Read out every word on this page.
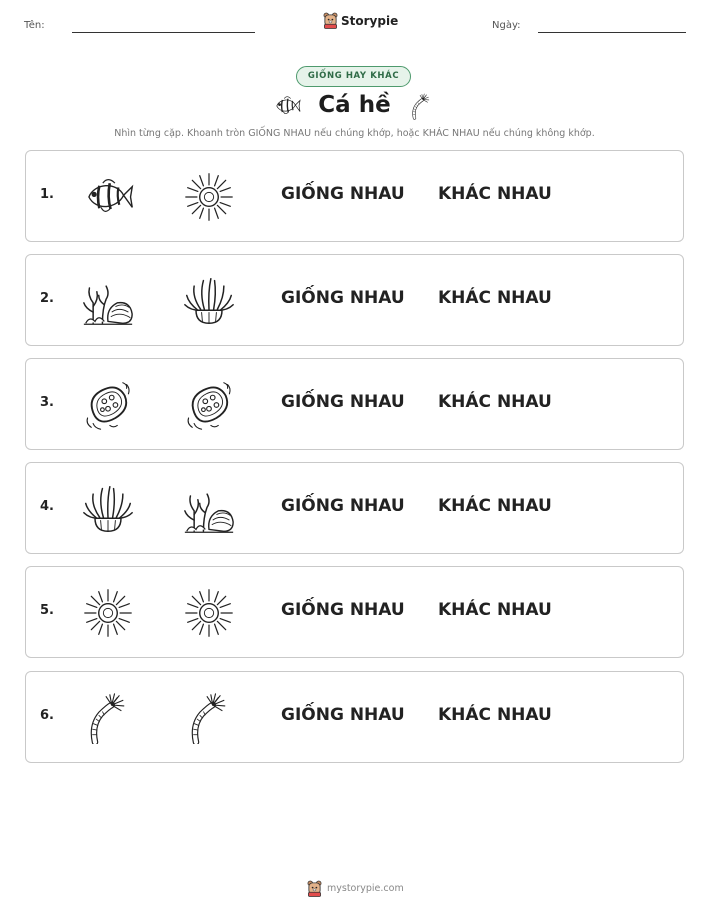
Tên:	Storypie	Ngày:
GIỐNG HAY KHÁC
Cá hề
Nhìn từng cặp. Khoanh tròn GIỐNG NHAU nếu chúng khớp, hoặc KHÁC NHAU nếu chúng không khớp.
1.	GIỐNG NHAU KHÁC NHAU
2.	GIỐNG NHAU KHÁC NHAU
3.	GIỐNG NHAU KHÁC NHAU
4.	GIỐNG NHAU KHÁC NHAU
5.	GIỐNG NHAU KHÁC NHAU
6.	GIỐNG NHAU KHÁC NHAU
mystorypie.com
